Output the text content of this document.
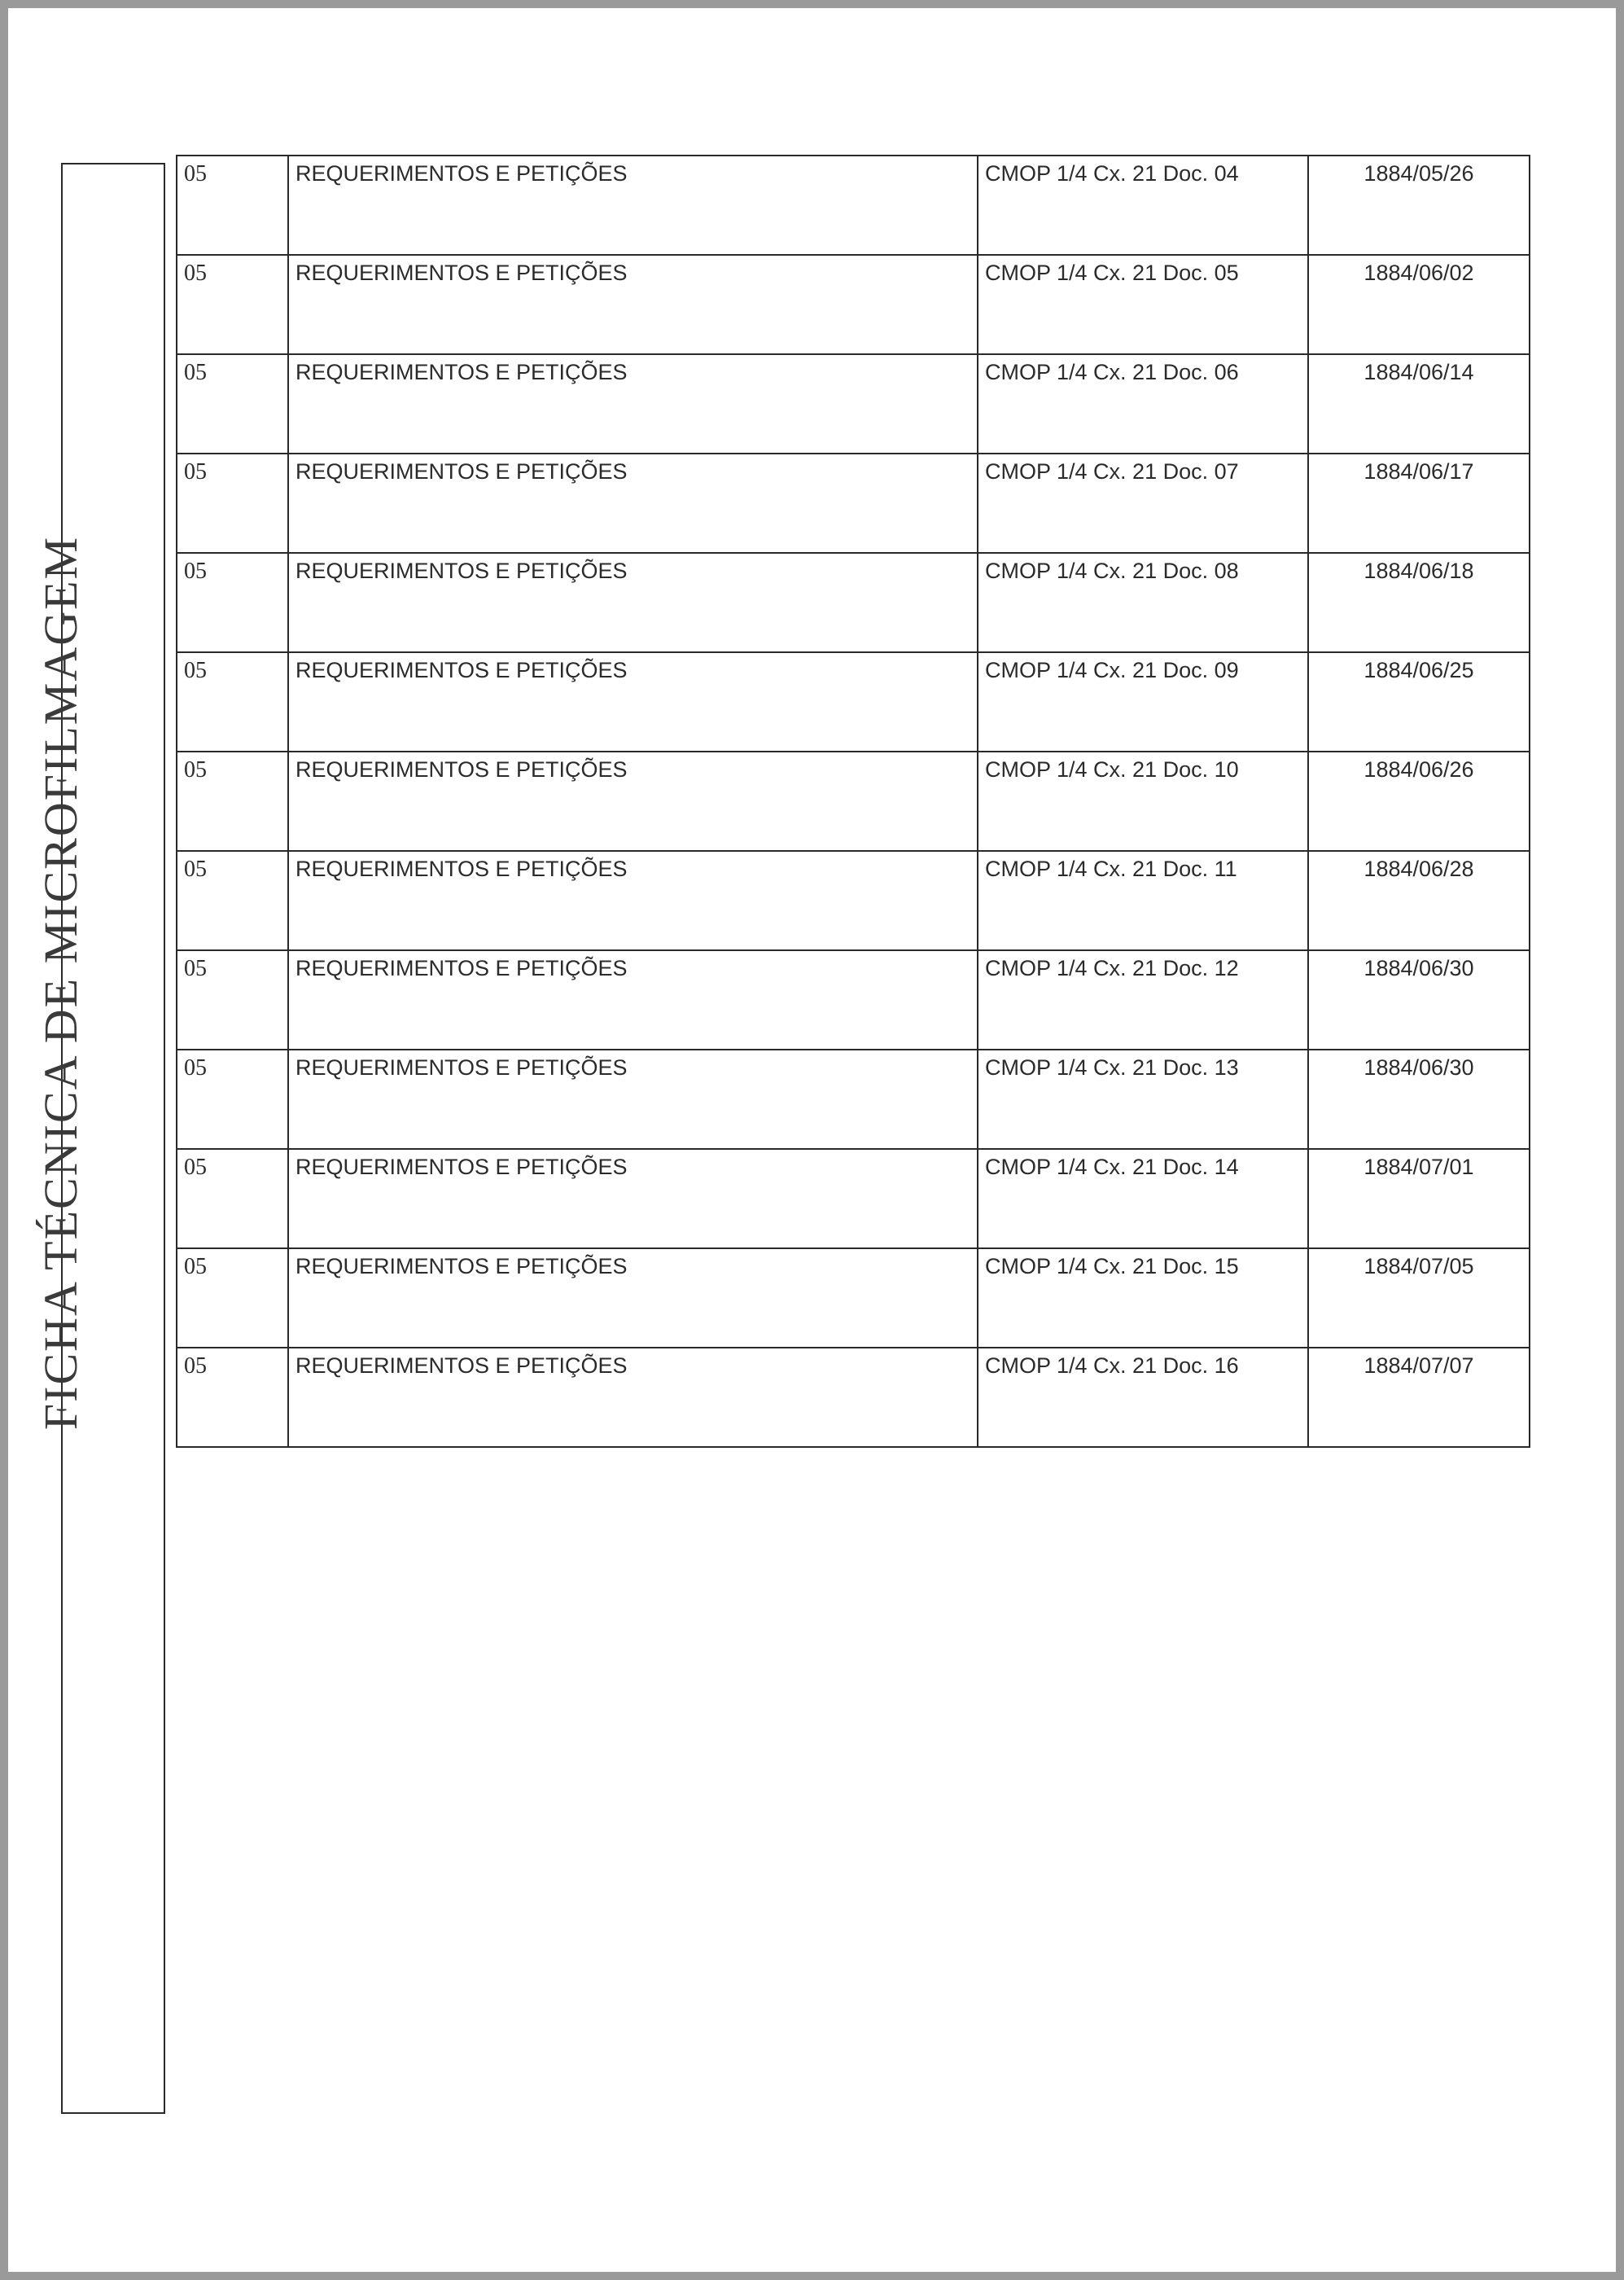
FICHA TÉCNICA DE MICROFILMAGEM
05	REQUERIMENTOS E PETIÇÕES	CMOP 1/4 Cx. 21 Doc. 04	1884/05/26
05	REQUERIMENTOS E PETIÇÕES	CMOP 1/4 Cx. 21 Doc. 05	1884/06/02
05	REQUERIMENTOS E PETIÇÕES	CMOP 1/4 Cx. 21 Doc. 06	1884/06/14
05	REQUERIMENTOS E PETIÇÕES	CMOP 1/4 Cx. 21 Doc. 07	1884/06/17
05	REQUERIMENTOS E PETIÇÕES	CMOP 1/4 Cx. 21 Doc. 08	1884/06/18
05	REQUERIMENTOS E PETIÇÕES	CMOP 1/4 Cx. 21 Doc. 09	1884/06/25
05	REQUERIMENTOS E PETIÇÕES	CMOP 1/4 Cx. 21 Doc. 10	1884/06/26
05	REQUERIMENTOS E PETIÇÕES	CMOP 1/4 Cx. 21 Doc. 11	1884/06/28
05	REQUERIMENTOS E PETIÇÕES	CMOP 1/4 Cx. 21 Doc. 12	1884/06/30
05	REQUERIMENTOS E PETIÇÕES	CMOP 1/4 Cx. 21 Doc. 13	1884/06/30
05	REQUERIMENTOS E PETIÇÕES	CMOP 1/4 Cx. 21 Doc. 14	1884/07/01
05	REQUERIMENTOS E PETIÇÕES	CMOP 1/4 Cx. 21 Doc. 15	1884/07/05
05	REQUERIMENTOS E PETIÇÕES	CMOP 1/4 Cx. 21 Doc. 16	1884/07/07
